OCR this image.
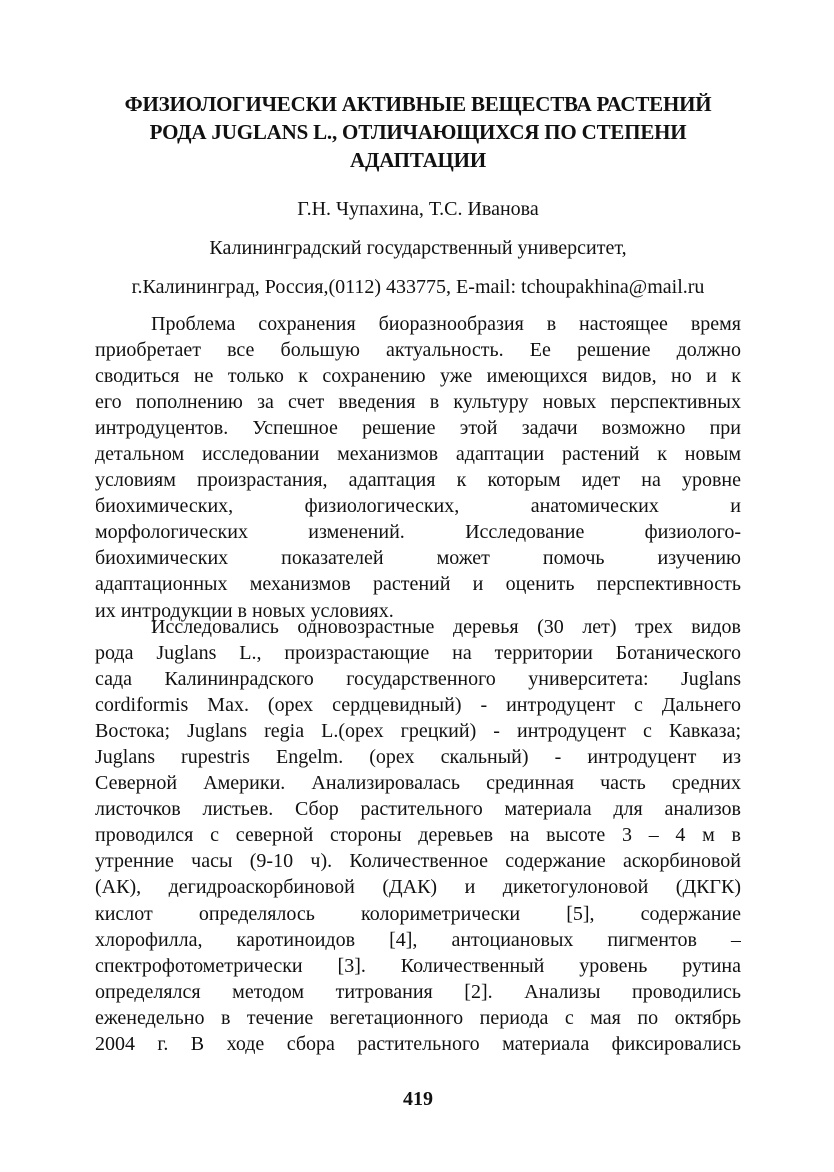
ФИЗИОЛОГИЧЕСКИ АКТИВНЫЕ ВЕЩЕСТВА РАСТЕНИЙ
РОДА JUGLANS L., ОТЛИЧАЮЩИХСЯ ПО СТЕПЕНИ
АДАПТАЦИИ
Г.Н. Чупахина, Т.С. Иванова
Калининградский государственный университет,
г.Калининград, Россия,(0112) 433775, E-mail: tchoupakhina@mail.ru
Проблема сохранения биоразнообразия в настоящее время
приобретает все большую актуальность. Ее решение должно
сводиться не только к сохранению уже имеющихся видов, но и к
его пополнению за счет введения в культуру новых перспективных
интродуцентов. Успешное решение этой задачи возможно при
детальном исследовании механизмов адаптации растений к новым
условиям произрастания, адаптация к которым идет на уровне
биохимических, физиологических, анатомических и
морфологических изменений. Исследование физиолого-
биохимических показателей может помочь изучению
адаптационных механизмов растений и оценить перспективность
их интродукции в новых условиях.
Исследовались одновозрастные деревья (30 лет) трех видов
рода Juglans L., произрастающие на территории Ботанического
сада Калининрадского государственного университета: Juglans
cordiformis Max. (орех сердцевидный) - интродуцент с Дальнего
Востока; Juglans regia L.(орех грецкий) - интродуцент с Кавказа;
Juglans rupestris Engelm. (орех скальный) - интродуцент из
Северной Америки. Анализировалась срединная часть средних
листочков листьев. Сбор растительного материала для анализов
проводился с северной стороны деревьев на высоте 3 – 4 м в
утренние часы (9-10 ч). Количественное содержание аскорбиновой
(АК), дегидроаскорбиновой (ДАК) и дикетогулоновой (ДКГК)
кислот определялось колориметрически [5], содержание
хлорофилла, каротиноидов [4], антоциановых пигментов –
спектрофотометрически [3]. Количественный уровень рутина
определялся методом титрования [2]. Анализы проводились
еженедельно в течение вегетационного периода с мая по октябрь
2004 г. В ходе сбора растительного материала фиксировались
419
